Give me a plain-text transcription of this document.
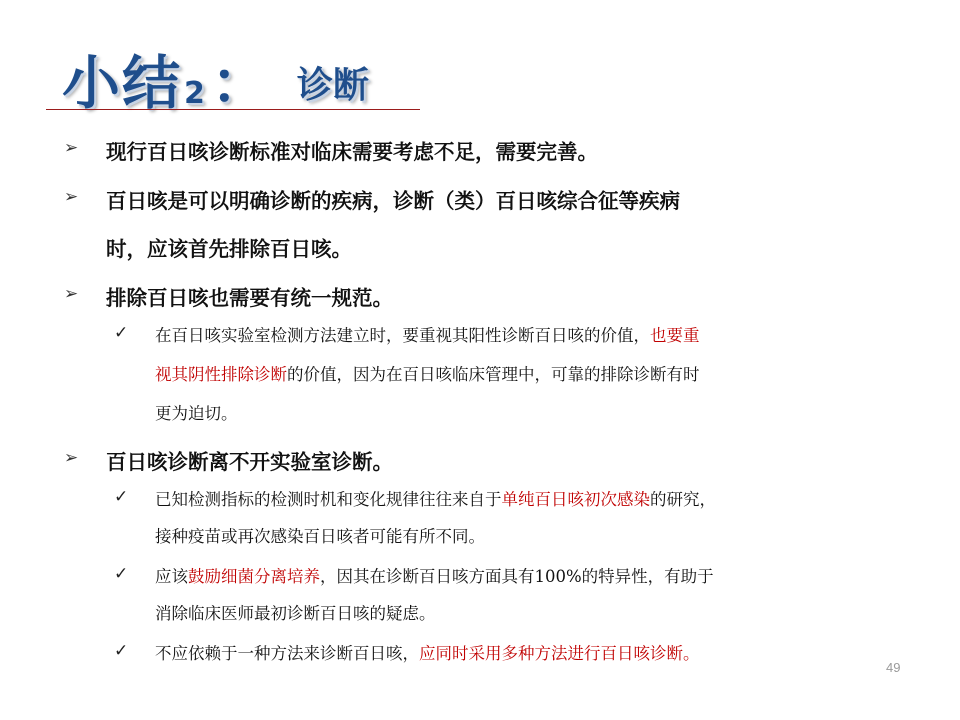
小结2 ： 诊断
➢ 现行百日咳诊断标准对临床需要考虑不足，需要完善。
➢ 百日咳是可以明确诊断的疾病，诊断（类）百日咳综合征等疾病
时，应该首先排除百日咳。
➢ 排除百日咳也需要有统一规范。
✓ 在百日咳实验室检测方法建立时，要重视其阳性诊断百日咳的价值，也要重
视其阴性排除诊断的价值，因为在百日咳临床管理中，可靠的排除诊断有时
更为迫切。
➢ 百日咳诊断离不开实验室诊断。
✓ 已知检测指标的检测时机和变化规律往往来自于单纯百日咳初次感染的研究，
接种疫苗或再次感染百日咳者可能有所不同。
✓ 应该鼓励细菌分离培养，因其在诊断百日咳方面具有100%的特异性，有助于
消除临床医师最初诊断百日咳的疑虑。
✓ 不应依赖于一种方法来诊断百日咳，应同时采用多种方法进行百日咳诊断。
49
